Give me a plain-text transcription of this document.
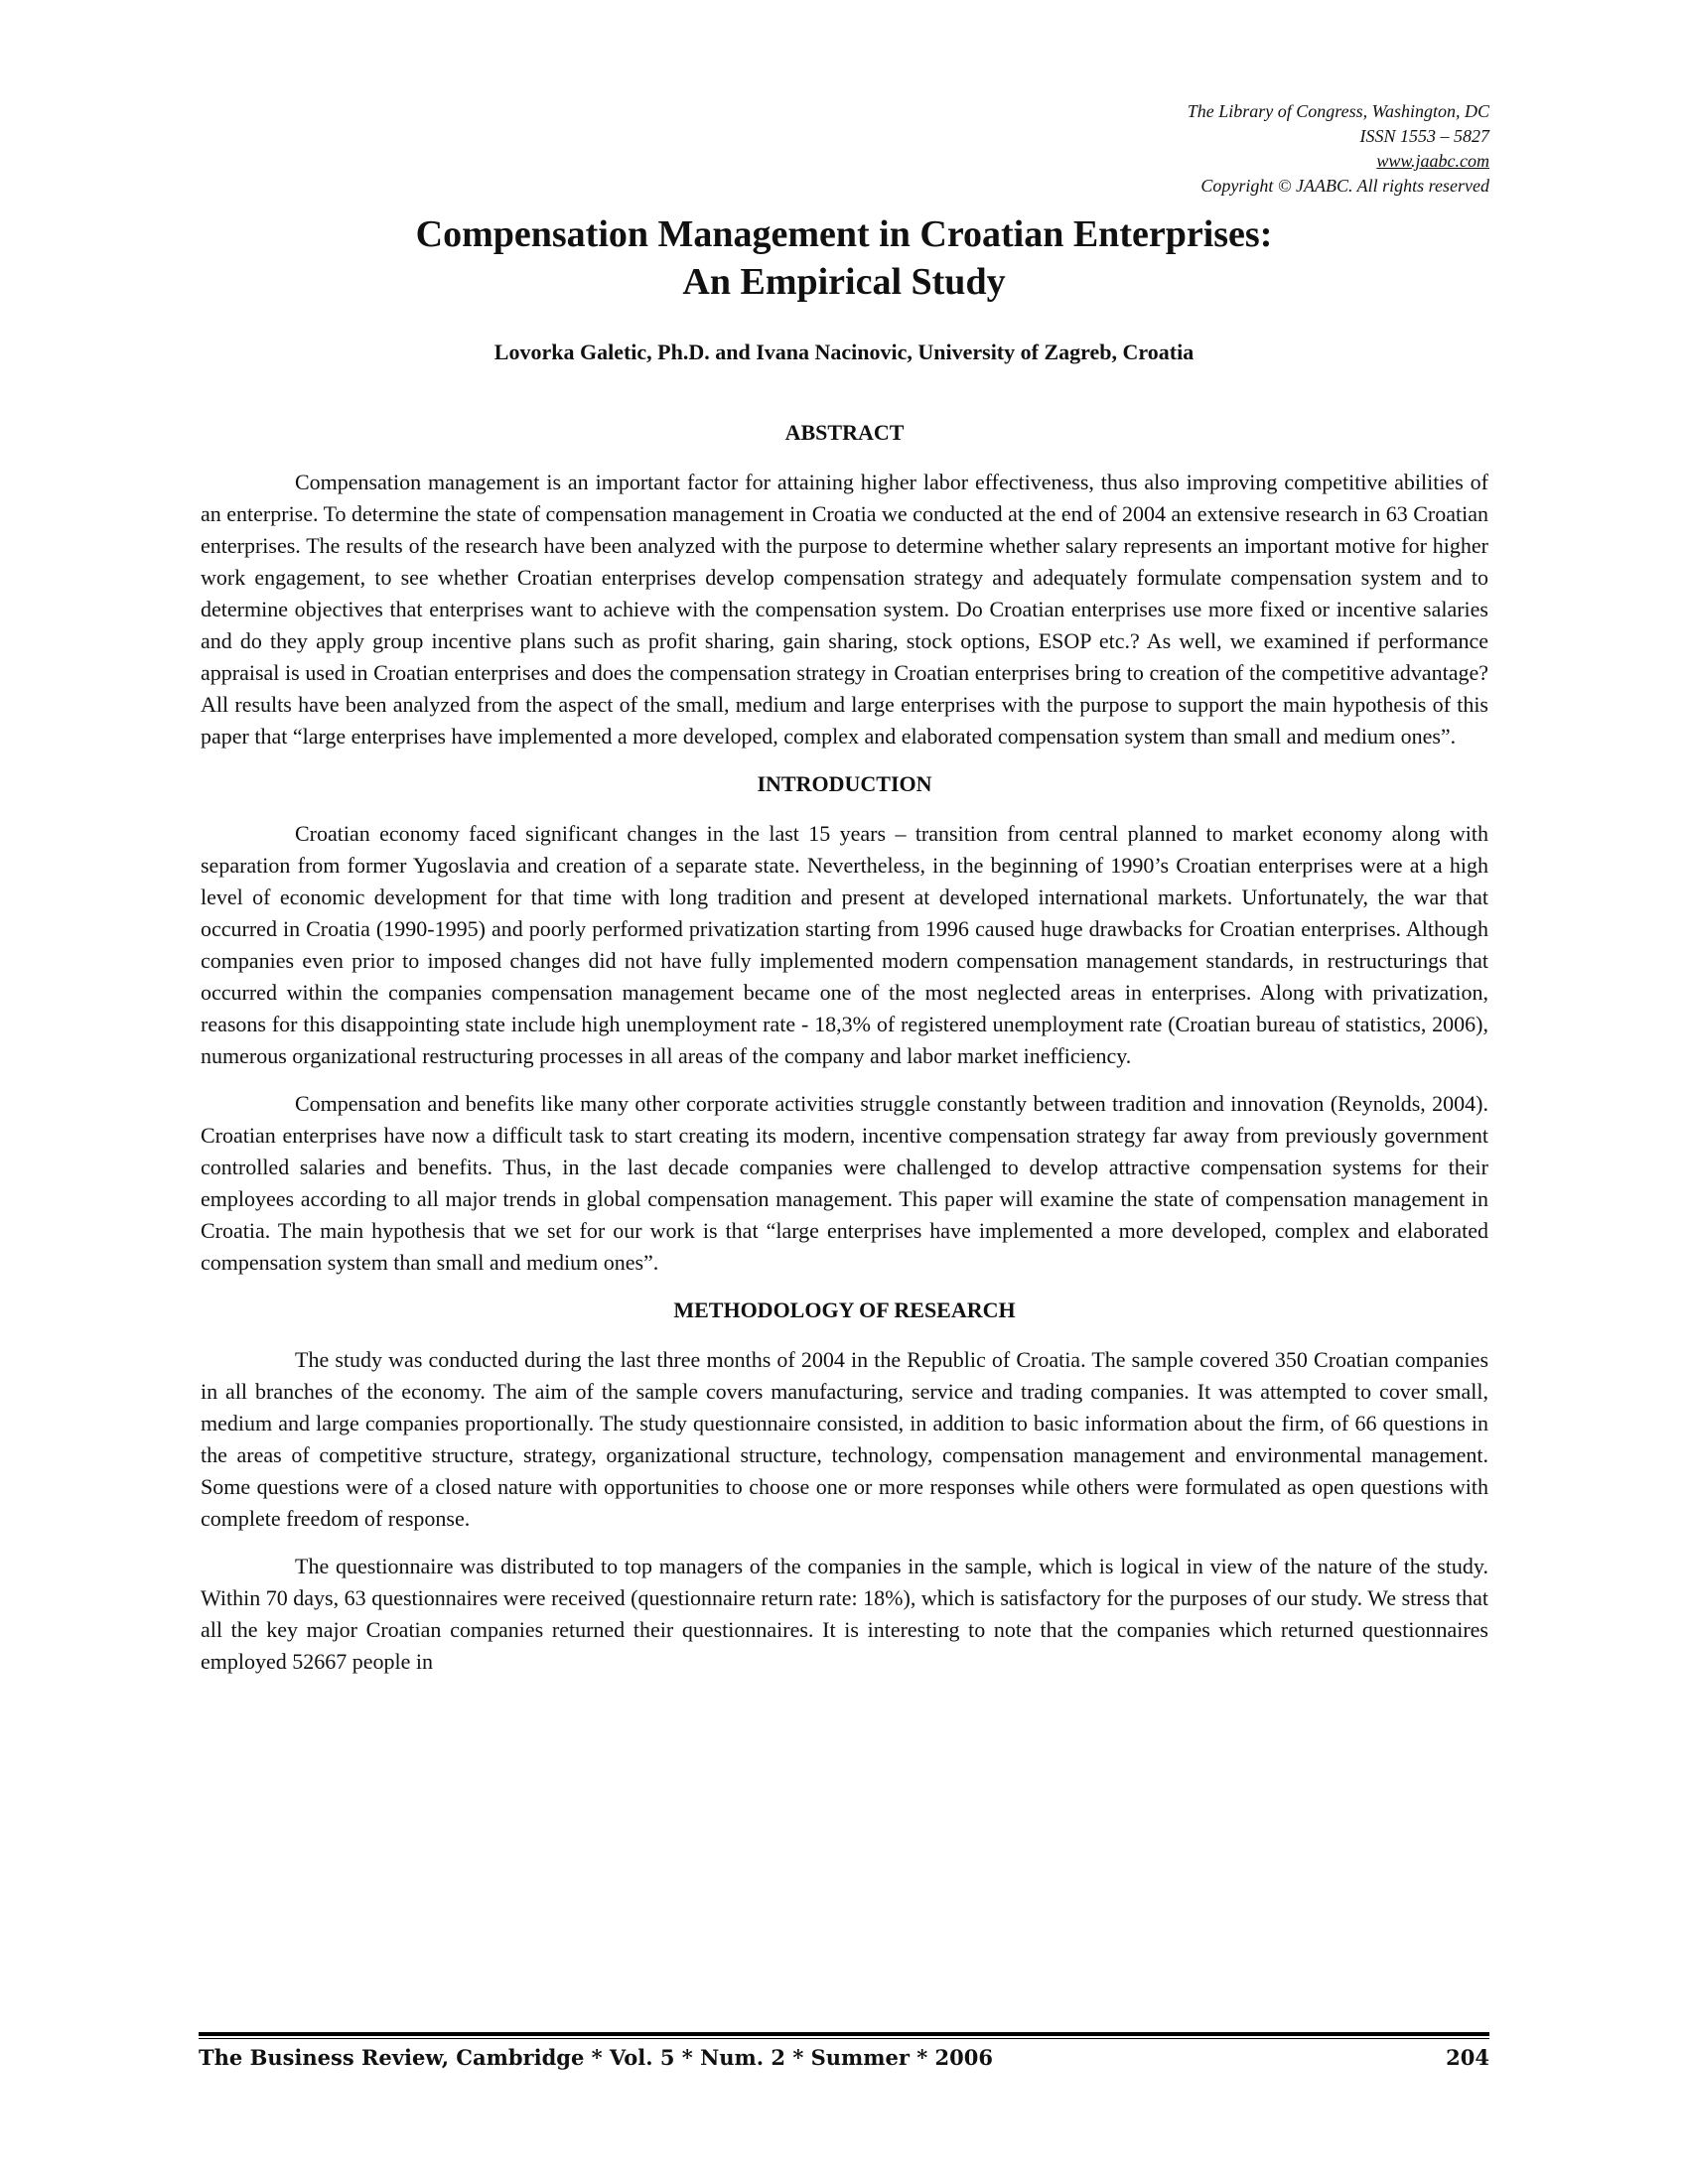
The Library of Congress, Washington, DC
ISSN 1553 – 5827
www.jaabc.com
Copyright © JAABC. All rights reserved
Compensation Management in Croatian Enterprises:
An Empirical Study
Lovorka Galetic, Ph.D. and Ivana Nacinovic, University of Zagreb, Croatia
ABSTRACT

Compensation management is an important factor for attaining higher labor effectiveness, thus also improving competitive abilities of an enterprise. To determine the state of compensation management in Croatia we conducted at the end of 2004 an extensive research in 63 Croatian enterprises. The results of the research have been analyzed with the purpose to determine whether salary represents an important motive for higher work engagement, to see whether Croatian enterprises develop compensation strategy and adequately formulate compensation system and to determine objectives that enterprises want to achieve with the compensation system. Do Croatian enterprises use more fixed or incentive salaries and do they apply group incentive plans such as profit sharing, gain sharing, stock options, ESOP etc.? As well, we examined if performance appraisal is used in Croatian enterprises and does the compensation strategy in Croatian enterprises bring to creation of the competitive advantage? All results have been analyzed from the aspect of the small, medium and large enterprises with the purpose to support the main hypothesis of this paper that “large enterprises have implemented a more developed, complex and elaborated compensation system than small and medium ones”.

INTRODUCTION

Croatian economy faced significant changes in the last 15 years – transition from central planned to market economy along with separation from former Yugoslavia and creation of a separate state. Nevertheless, in the beginning of 1990’s Croatian enterprises were at a high level of economic development for that time with long tradition and present at developed international markets. Unfortunately, the war that occurred in Croatia (1990-1995) and poorly performed privatization starting from 1996 caused huge drawbacks for Croatian enterprises. Although companies even prior to imposed changes did not have fully implemented modern compensation management standards, in restructurings that occurred within the companies compensation management became one of the most neglected areas in enterprises. Along with privatization, reasons for this disappointing state include high unemployment rate - 18,3% of registered unemployment rate (Croatian bureau of statistics, 2006), numerous organizational restructuring processes in all areas of the company and labor market inefficiency.

Compensation and benefits like many other corporate activities struggle constantly between tradition and innovation (Reynolds, 2004). Croatian enterprises have now a difficult task to start creating its modern, incentive compensation strategy far away from previously government controlled salaries and benefits. Thus, in the last decade companies were challenged to develop attractive compensation systems for their employees according to all major trends in global compensation management. This paper will examine the state of compensation management in Croatia. The main hypothesis that we set for our work is that “large enterprises have implemented a more developed, complex and elaborated compensation system than small and medium ones”.

METHODOLOGY OF RESEARCH

The study was conducted during the last three months of 2004 in the Republic of Croatia. The sample covered 350 Croatian companies in all branches of the economy. The aim of the sample covers manufacturing, service and trading companies. It was attempted to cover small, medium and large companies proportionally. The study questionnaire consisted, in addition to basic information about the firm, of 66 questions in the areas of competitive structure, strategy, organizational structure, technology, compensation management and environmental management. Some questions were of a closed nature with opportunities to choose one or more responses while others were formulated as open questions with complete freedom of response.

The questionnaire was distributed to top managers of the companies in the sample, which is logical in view of the nature of the study. Within 70 days, 63 questionnaires were received (questionnaire return rate: 18%), which is satisfactory for the purposes of our study. We stress that all the key major Croatian companies returned their questionnaires. It is interesting to note that the companies which returned questionnaires employed 52667 people in

The Business Review, Cambridge * Vol. 5 * Num. 2 * Summer * 2006	204
